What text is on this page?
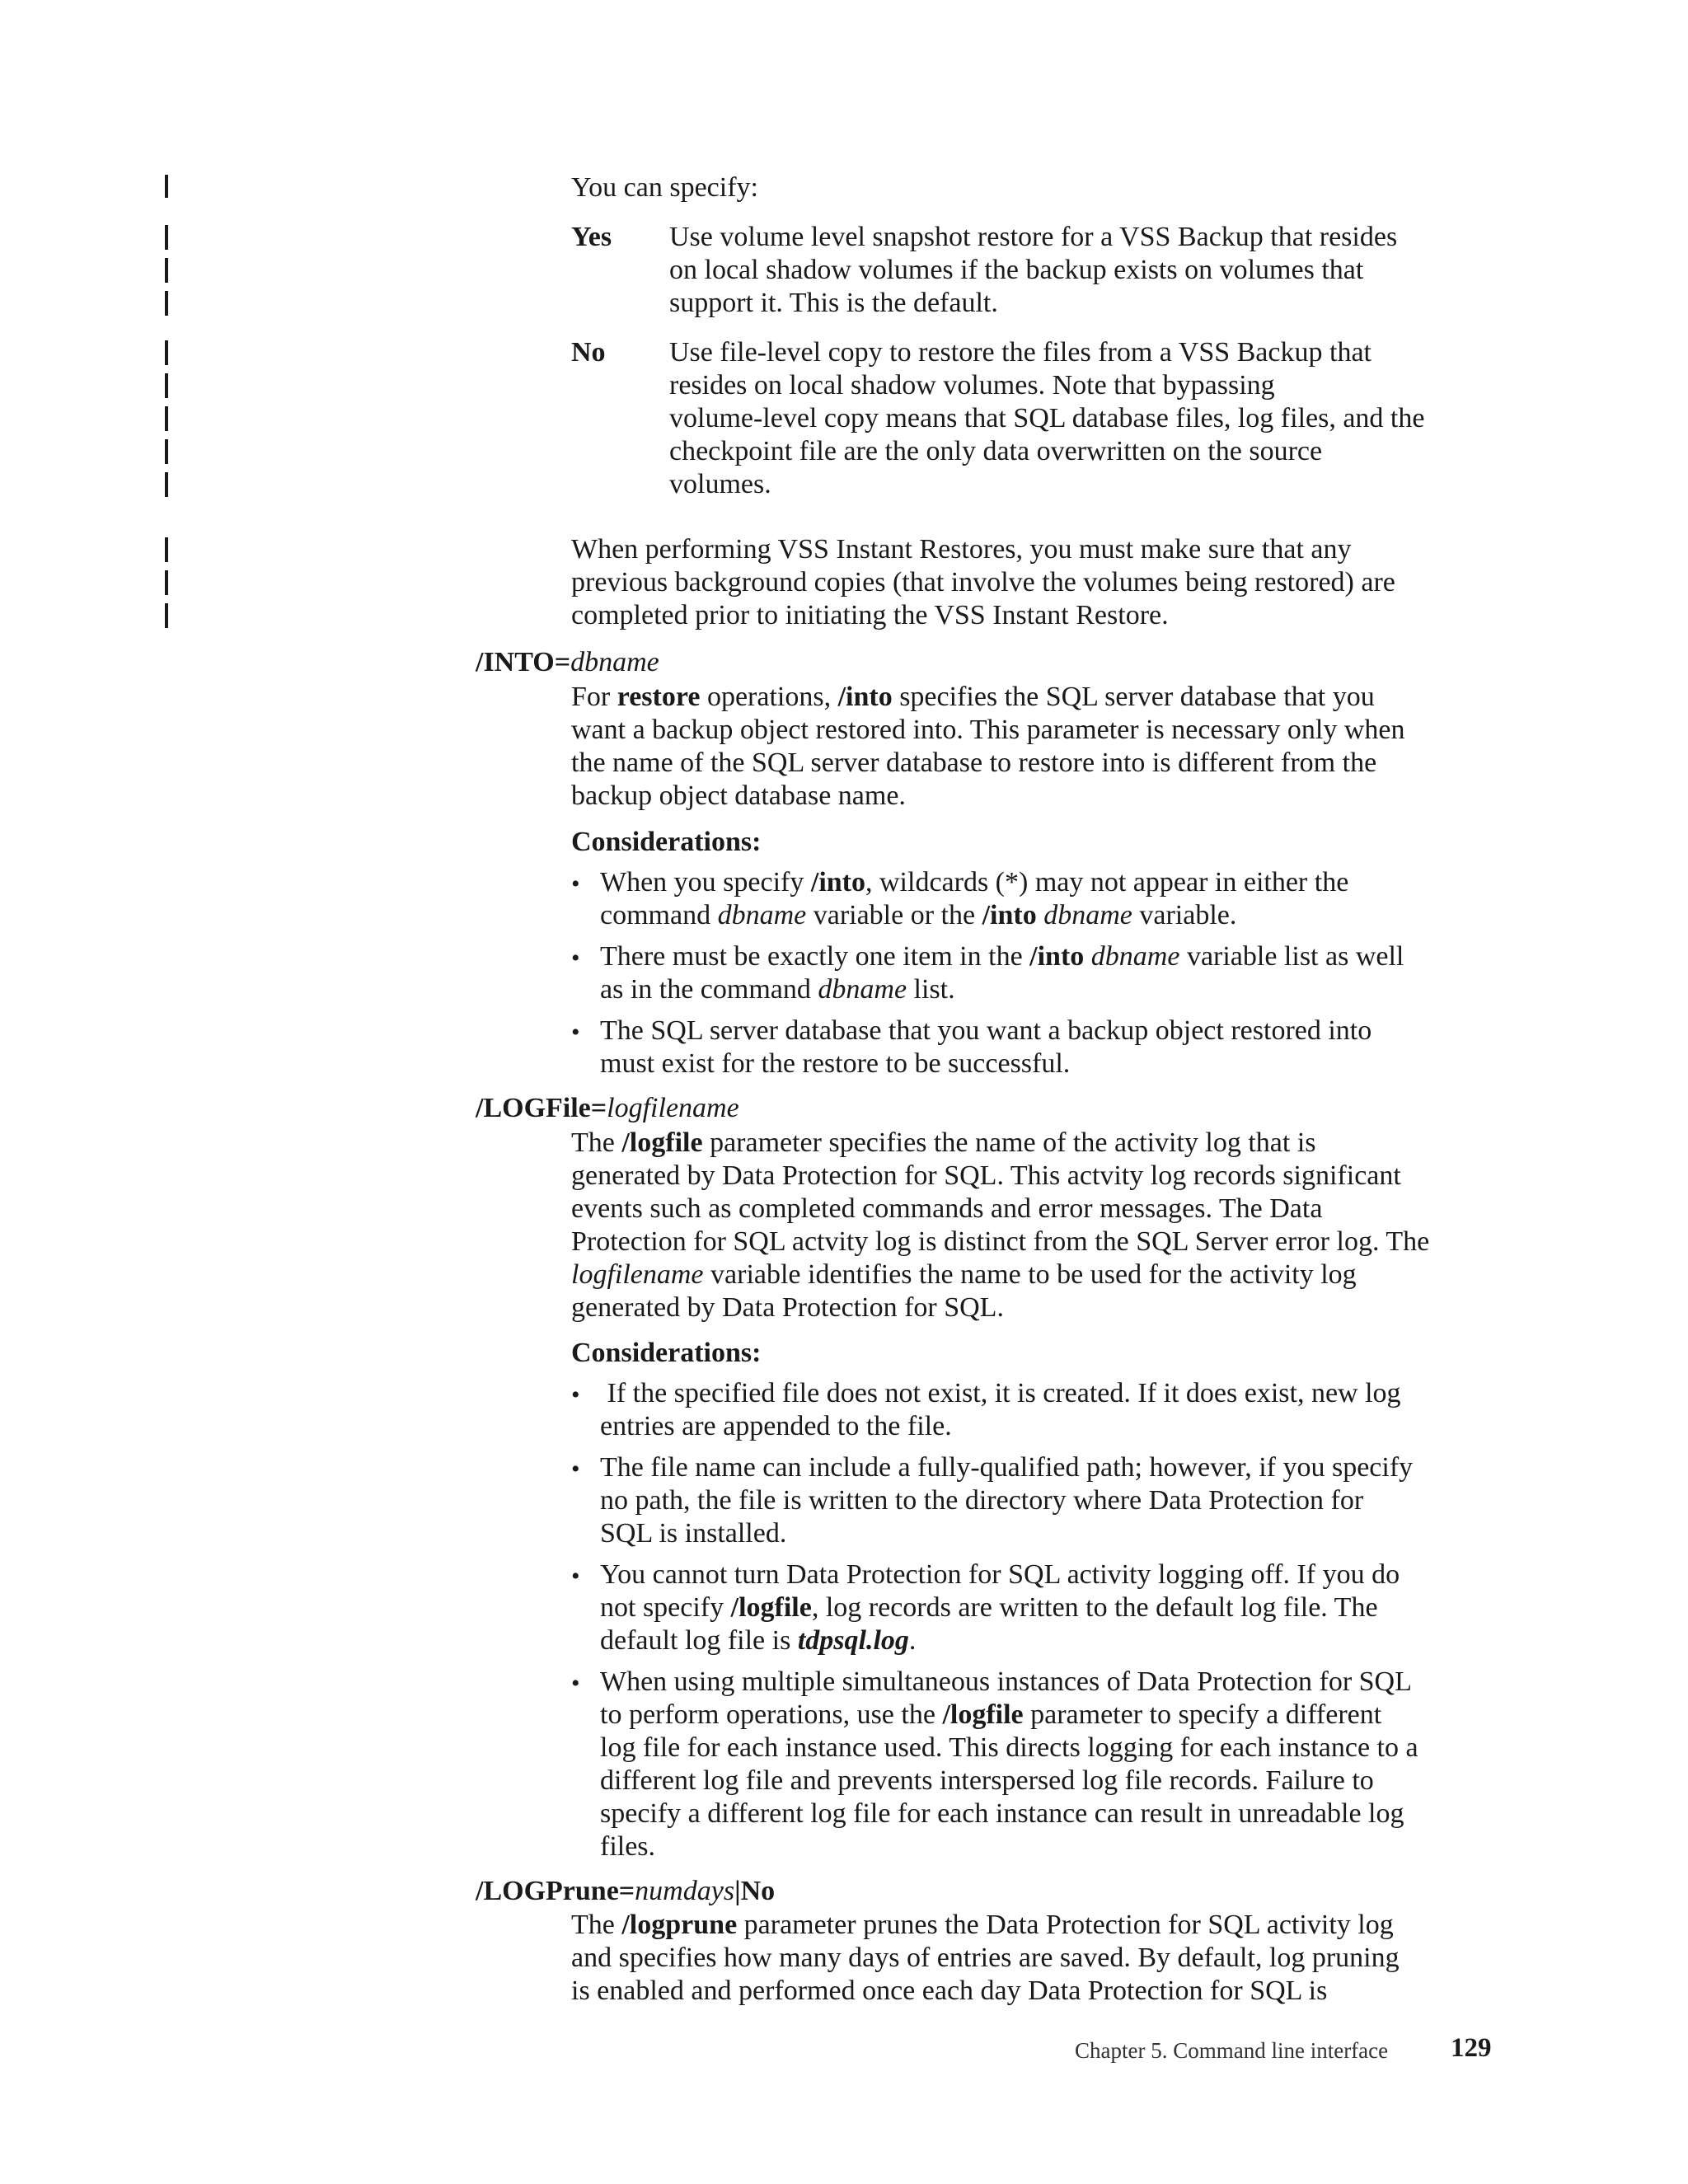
You can specify:
Yes Use volume level snapshot restore for a VSS Backup that resides
on local shadow volumes if the backup exists on volumes that
support it. This is the default.
No Use file-level copy to restore the files from a VSS Backup that
resides on local shadow volumes. Note that bypassing
volume-level copy means that SQL database files, log files, and the
checkpoint file are the only data overwritten on the source
volumes.
When performing VSS Instant Restores, you must make sure that any
previous background copies (that involve the volumes being restored) are
completed prior to initiating the VSS Instant Restore.
/INTO=dbname
For restore operations, /into specifies the SQL server database that you
want a backup object restored into. This parameter is necessary only when
the name of the SQL server database to restore into is different from the
backup object database name.
Considerations:
• When you specify /into, wildcards (*) may not appear in either the
command dbname variable or the /into dbname variable.
• There must be exactly one item in the /into dbname variable list as well
as in the command dbname list.
• The SQL server database that you want a backup object restored into
must exist for the restore to be successful.
/LOGFile=logfilename
The /logfile parameter specifies the name of the activity log that is
generated by Data Protection for SQL. This actvity log records significant
events such as completed commands and error messages. The Data
Protection for SQL actvity log is distinct from the SQL Server error log. The
logfilename variable identifies the name to be used for the activity log
generated by Data Protection for SQL.
Considerations:
• If the specified file does not exist, it is created. If it does exist, new log
entries are appended to the file.
• The file name can include a fully-qualified path; however, if you specify
no path, the file is written to the directory where Data Protection for
SQL is installed.
• You cannot turn Data Protection for SQL activity logging off. If you do
not specify /logfile, log records are written to the default log file. The
default log file is tdpsql.log.
• When using multiple simultaneous instances of Data Protection for SQL
to perform operations, use the /logfile parameter to specify a different
log file for each instance used. This directs logging for each instance to a
different log file and prevents interspersed log file records. Failure to
specify a different log file for each instance can result in unreadable log
files.
/LOGPrune=numdays|No
The /logprune parameter prunes the Data Protection for SQL activity log
and specifies how many days of entries are saved. By default, log pruning
is enabled and performed once each day Data Protection for SQL is
Chapter 5. Command line interface 129
